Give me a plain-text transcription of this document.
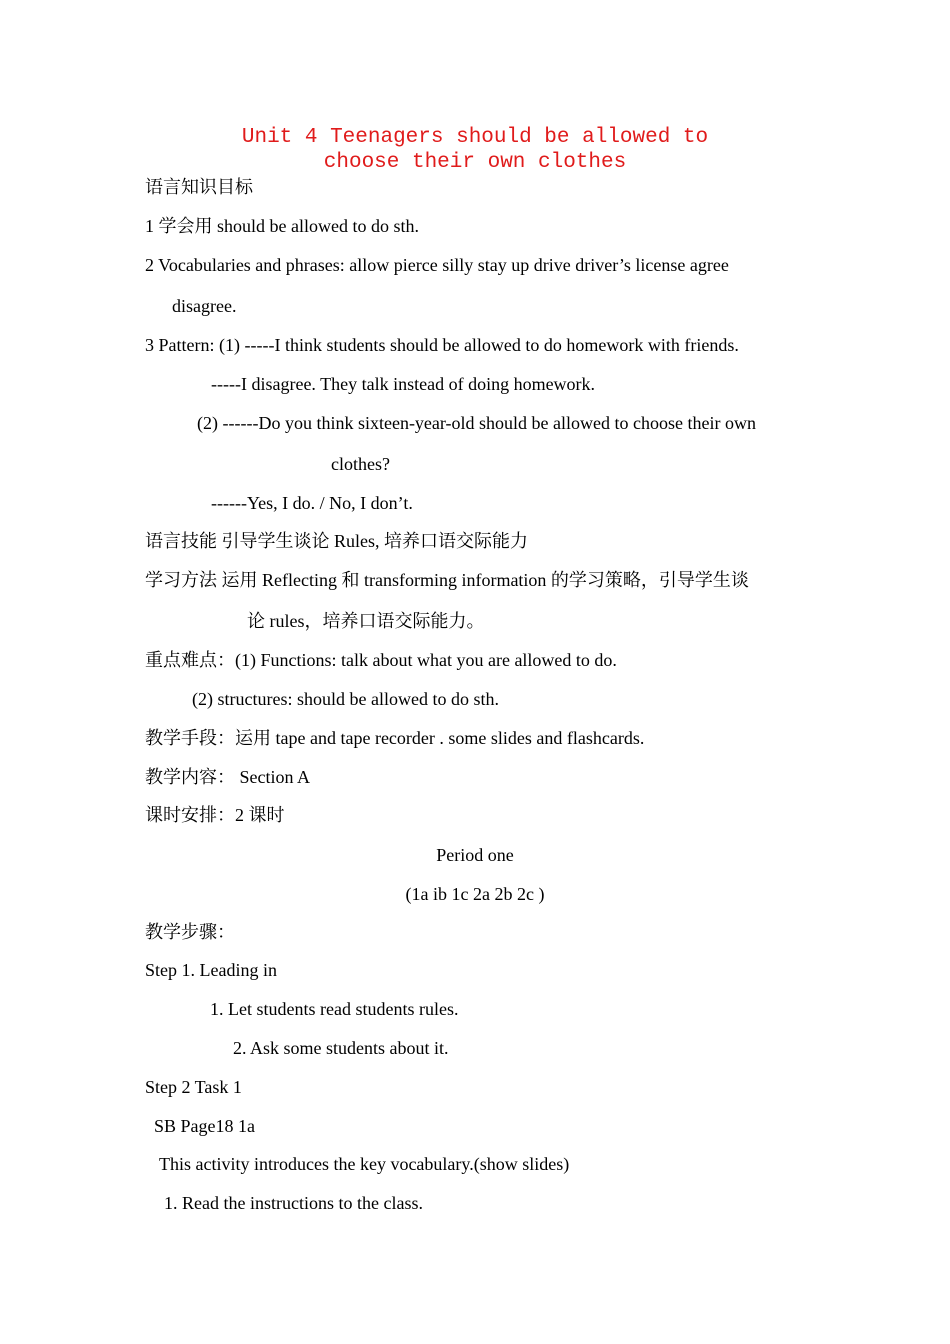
Unit 4 Teenagers should be allowed to
choose their own clothes
语言知识目标
1 学会用 should be allowed to do sth.
2 Vocabularies and phrases: allow pierce silly stay up drive driver’s license agree
disagree.
3 Pattern: (1) -----I think students should be allowed to do homework with friends.
-----I disagree. They talk instead of doing homework.
(2) ------Do you think sixteen-year-old should be allowed to choose their own
clothes?
------Yes, I do. / No, I don’t.
语言技能 引导学生谈论 Rules, 培养口语交际能力
学习方法 运用 Reflecting 和 transforming information 的学习策略，引导学生谈
论 rules，培养口语交际能力。
重点难点：(1) Functions: talk about what you are allowed to do.
(2) structures: should be allowed to do sth.
教学手段：运用 tape and tape recorder . some slides and flashcards.
教学内容： Section A
课时安排：2 课时
Period one
(1a ib 1c 2a 2b 2c )
教学步骤：
Step 1. Leading in
1. Let students read students rules.
2. Ask some students about it.
Step 2 Task 1
SB Page18 1a
This activity introduces the key vocabulary.(show slides)
1. Read the instructions to the class.
